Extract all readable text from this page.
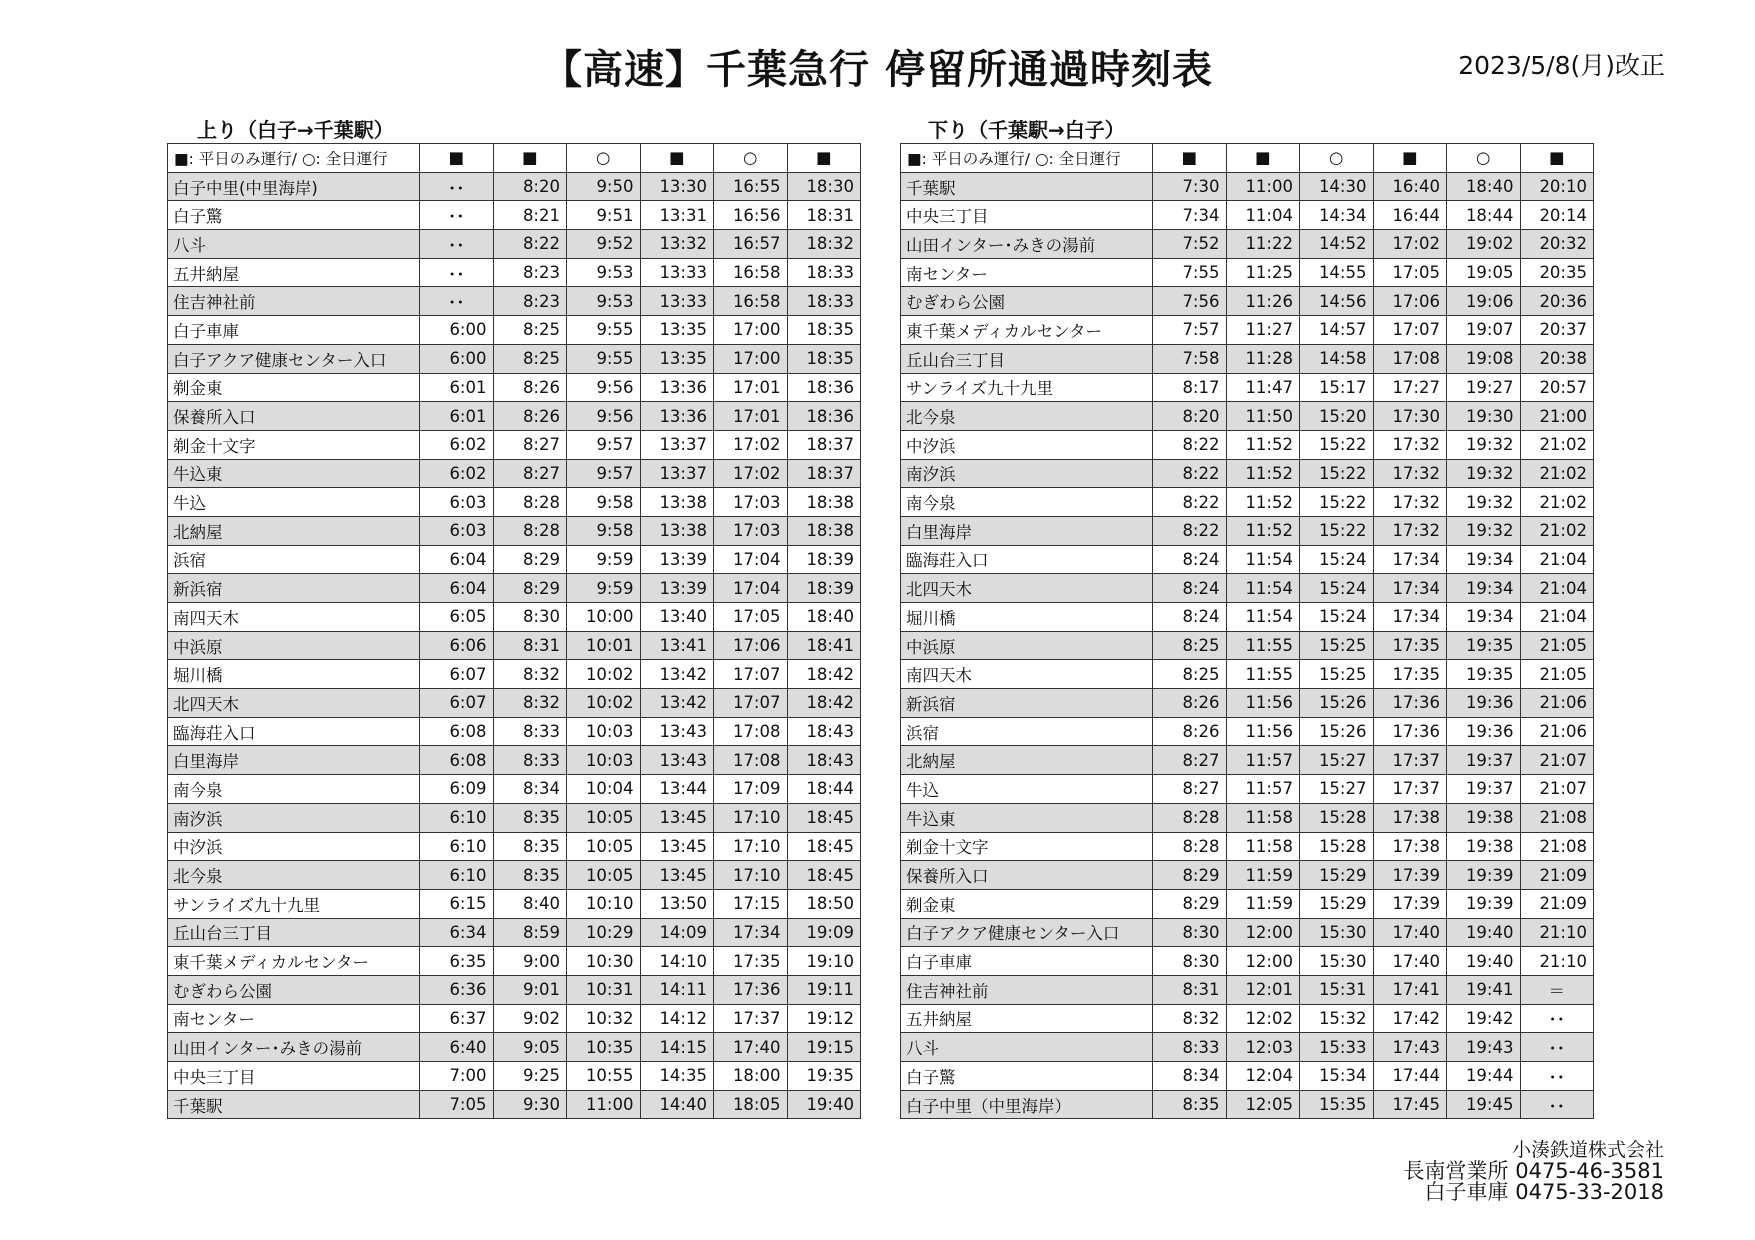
【高速】千葉急行 停留所通過時刻表	2023/5/8(月)改正
上り（白子→千葉駅）	下り（千葉駅→白子）
■: 平日のみ運行/ ○: 全日運行	■	■	○	■	○	■
白子中里(中里海岸)	･･	8:20	9:50	13:30	16:55	18:30
白子驚	･･	8:21	9:51	13:31	16:56	18:31
八斗	･･	8:22	9:52	13:32	16:57	18:32
五井納屋	･･	8:23	9:53	13:33	16:58	18:33
住吉神社前	･･	8:23	9:53	13:33	16:58	18:33
白子車庫	6:00	8:25	9:55	13:35	17:00	18:35
白子アクア健康センター入口	6:00	8:25	9:55	13:35	17:00	18:35
剃金東	6:01	8:26	9:56	13:36	17:01	18:36
保養所入口	6:01	8:26	9:56	13:36	17:01	18:36
剃金十文字	6:02	8:27	9:57	13:37	17:02	18:37
牛込東	6:02	8:27	9:57	13:37	17:02	18:37
牛込	6:03	8:28	9:58	13:38	17:03	18:38
北納屋	6:03	8:28	9:58	13:38	17:03	18:38
浜宿	6:04	8:29	9:59	13:39	17:04	18:39
新浜宿	6:04	8:29	9:59	13:39	17:04	18:39
南四天木	6:05	8:30	10:00	13:40	17:05	18:40
中浜原	6:06	8:31	10:01	13:41	17:06	18:41
堀川橋	6:07	8:32	10:02	13:42	17:07	18:42
北四天木	6:07	8:32	10:02	13:42	17:07	18:42
臨海荘入口	6:08	8:33	10:03	13:43	17:08	18:43
白里海岸	6:08	8:33	10:03	13:43	17:08	18:43
南今泉	6:09	8:34	10:04	13:44	17:09	18:44
南汐浜	6:10	8:35	10:05	13:45	17:10	18:45
中汐浜	6:10	8:35	10:05	13:45	17:10	18:45
北今泉	6:10	8:35	10:05	13:45	17:10	18:45
サンライズ九十九里	6:15	8:40	10:10	13:50	17:15	18:50
丘山台三丁目	6:34	8:59	10:29	14:09	17:34	19:09
東千葉メディカルセンター	6:35	9:00	10:30	14:10	17:35	19:10
むぎわら公園	6:36	9:01	10:31	14:11	17:36	19:11
南センター	6:37	9:02	10:32	14:12	17:37	19:12
山田インター･みきの湯前	6:40	9:05	10:35	14:15	17:40	19:15
中央三丁目	7:00	9:25	10:55	14:35	18:00	19:35
千葉駅	7:05	9:30	11:00	14:40	18:05	19:40
■: 平日のみ運行/ ○: 全日運行	■	■	○	■	○	■
千葉駅	7:30	11:00	14:30	16:40	18:40	20:10
中央三丁目	7:34	11:04	14:34	16:44	18:44	20:14
山田インター･みきの湯前	7:52	11:22	14:52	17:02	19:02	20:32
南センター	7:55	11:25	14:55	17:05	19:05	20:35
むぎわら公園	7:56	11:26	14:56	17:06	19:06	20:36
東千葉メディカルセンター	7:57	11:27	14:57	17:07	19:07	20:37
丘山台三丁目	7:58	11:28	14:58	17:08	19:08	20:38
サンライズ九十九里	8:17	11:47	15:17	17:27	19:27	20:57
北今泉	8:20	11:50	15:20	17:30	19:30	21:00
中汐浜	8:22	11:52	15:22	17:32	19:32	21:02
南汐浜	8:22	11:52	15:22	17:32	19:32	21:02
南今泉	8:22	11:52	15:22	17:32	19:32	21:02
白里海岸	8:22	11:52	15:22	17:32	19:32	21:02
臨海荘入口	8:24	11:54	15:24	17:34	19:34	21:04
北四天木	8:24	11:54	15:24	17:34	19:34	21:04
堀川橋	8:24	11:54	15:24	17:34	19:34	21:04
中浜原	8:25	11:55	15:25	17:35	19:35	21:05
南四天木	8:25	11:55	15:25	17:35	19:35	21:05
新浜宿	8:26	11:56	15:26	17:36	19:36	21:06
浜宿	8:26	11:56	15:26	17:36	19:36	21:06
北納屋	8:27	11:57	15:27	17:37	19:37	21:07
牛込	8:27	11:57	15:27	17:37	19:37	21:07
牛込東	8:28	11:58	15:28	17:38	19:38	21:08
剃金十文字	8:28	11:58	15:28	17:38	19:38	21:08
保養所入口	8:29	11:59	15:29	17:39	19:39	21:09
剃金東	8:29	11:59	15:29	17:39	19:39	21:09
白子アクア健康センター入口	8:30	12:00	15:30	17:40	19:40	21:10
白子車庫	8:30	12:00	15:30	17:40	19:40	21:10
住吉神社前	8:31	12:01	15:31	17:41	19:41	＝
五井納屋	8:32	12:02	15:32	17:42	19:42	･･
八斗	8:33	12:03	15:33	17:43	19:43	･･
白子驚	8:34	12:04	15:34	17:44	19:44	･･
白子中里（中里海岸）	8:35	12:05	15:35	17:45	19:45	･･
小湊鉄道株式会社
長南営業所 0475-46-3581
白子車庫 0475-33-2018
